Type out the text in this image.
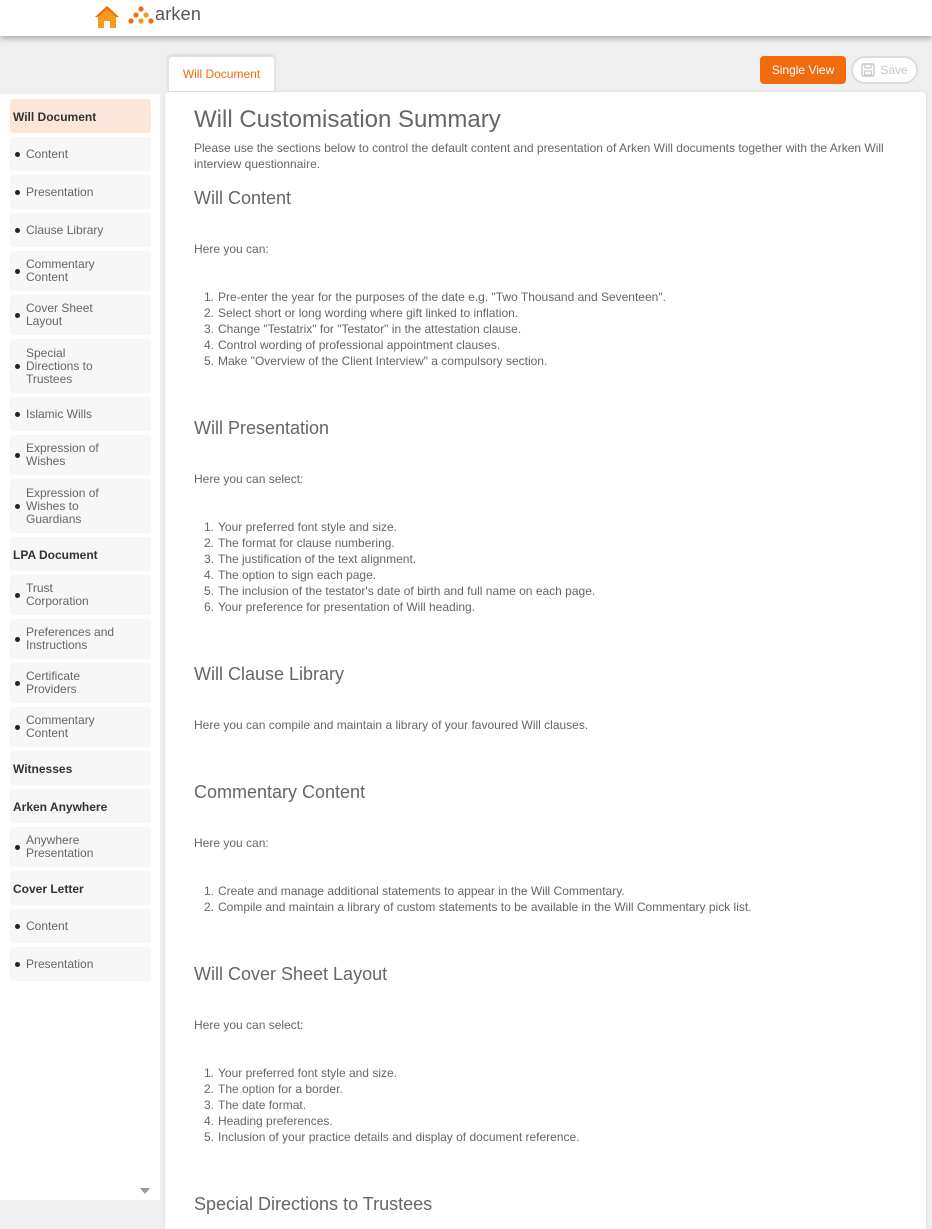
arken
Will Document	Single View	Save
Will Document
Content
Presentation
Clause Library
Commentary Content
Cover Sheet Layout
Special Directions to Trustees
Islamic Wills
Expression of Wishes
Expression of Wishes to Guardians
LPA Document
Trust Corporation
Preferences and Instructions
Certificate Providers
Commentary Content
Witnesses
Arken Anywhere
Anywhere Presentation
Cover Letter
Content
Presentation
Will Customisation Summary

Please use the sections below to control the default content and presentation of Arken Will documents together with the Arken Will interview questionnaire.

Will Content

Here you can:

1. Pre-enter the year for the purposes of the date e.g. "Two Thousand and Seventeen".
2. Select short or long wording where gift linked to inflation.
3. Change "Testatrix" for "Testator" in the attestation clause.
4. Control wording of professional appointment clauses.
5. Make "Overview of the Client Interview" a compulsory section.
Will Presentation

Here you can select:

1. Your preferred font style and size.
2. The format for clause numbering.
3. The justification of the text alignment.
4. The option to sign each page.
5. The inclusion of the testator's date of birth and full name on each page.
6. Your preference for presentation of Will heading.
Will Clause Library

Here you can compile and maintain a library of your favoured Will clauses.

Commentary Content

Here you can:

1. Create and manage additional statements to appear in the Will Commentary.
2. Compile and maintain a library of custom statements to be available in the Will Commentary pick list.
Will Cover Sheet Layout

Here you can select:

1. Your preferred font style and size.
2. The option for a border.
3. The date format.
4. Heading preferences.
5. Inclusion of your practice details and display of document reference.
Special Directions to Trustees
